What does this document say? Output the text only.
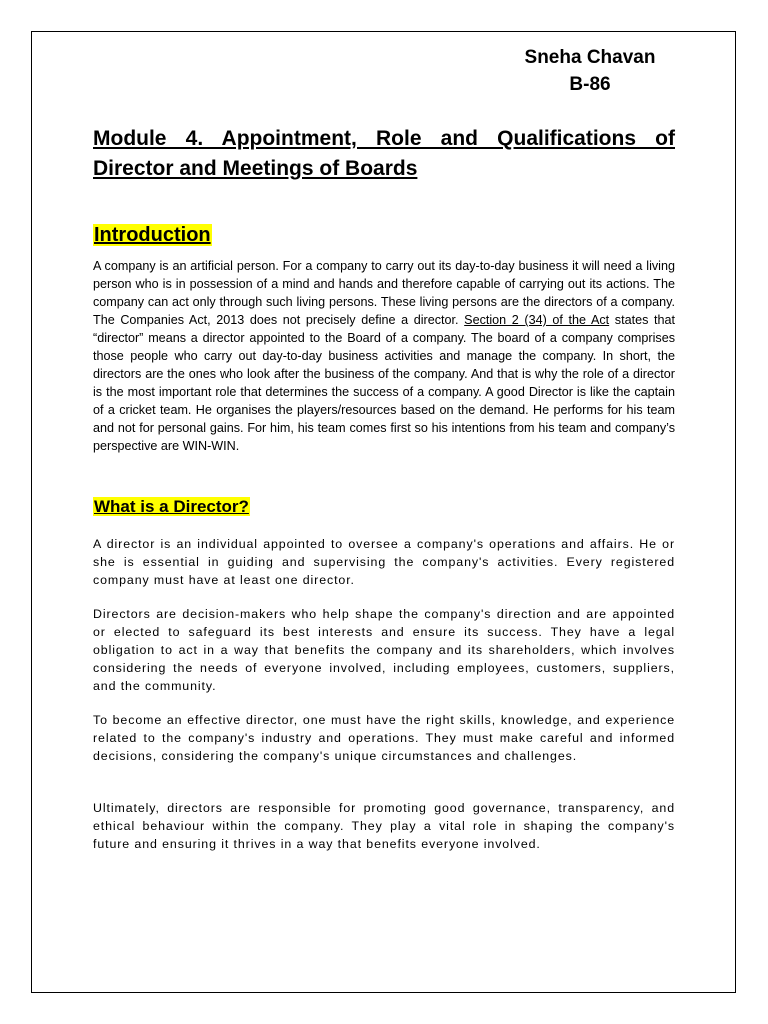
Sneha Chavan
B-86
Module 4. Appointment, Role and Qualifications of Director and Meetings of Boards
Introduction

A company is an artificial person. For a company to carry out its day-to-day business it will need a living person who is in possession of a mind and hands and therefore capable of carrying out its actions. The company can act only through such living persons. These living persons are the directors of a company. The Companies Act, 2013 does not precisely define a director. Section 2 (34) of the Act states that “director” means a director appointed to the Board of a company. The board of a company comprises those people who carry out day-to-day business activities and manage the company. In short, the directors are the ones who look after the business of the company. And that is why the role of a director is the most important role that determines the success of a company. A good Director is like the captain of a cricket team. He organises the players/resources based on the demand. He performs for his team and not for personal gains. For him, his team comes first so his intentions from his team and company’s perspective are WIN-WIN.

What is a Director?

A director is an individual appointed to oversee a company's operations and affairs. He or she is essential in guiding and supervising the company's activities. Every registered company must have at least one director.

Directors are decision-makers who help shape the company's direction and are appointed or elected to safeguard its best interests and ensure its success. They have a legal obligation to act in a way that benefits the company and its shareholders, which involves considering the needs of everyone involved, including employees, customers, suppliers, and the community.

To become an effective director, one must have the right skills, knowledge, and experience related to the company's industry and operations. They must make careful and informed decisions, considering the company's unique circumstances and challenges.

Ultimately, directors are responsible for promoting good governance, transparency, and ethical behaviour within the company. They play a vital role in shaping the company's future and ensuring it thrives in a way that benefits everyone involved.
